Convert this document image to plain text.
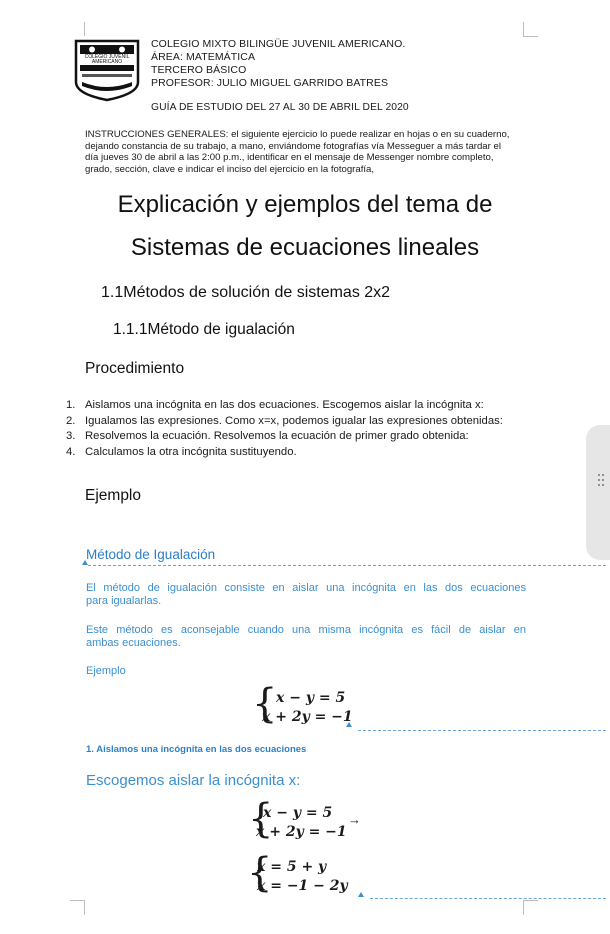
COLEGIO JUVENIL AMERICANO
COLEGIO MIXTO BILINGÜE JUVENIL AMERICANO.
ÁREA: MATEMÁTICA
TERCERO BÁSICO
PROFESOR: JULIO MIGUEL GARRIDO BATRES
GUÍA DE ESTUDIO DEL 27 AL 30 DE ABRIL DEL 2020
INSTRUCCIONES GENERALES: el siguiente ejercicio lo puede realizar en hojas o en su cuaderno,
dejando constancia de su trabajo, a mano, enviándome fotografías vía Messeguer a más tardar el
día jueves 30 de abril a las 2:00 p.m., identificar en el mensaje de Messenger nombre completo,
grado, sección, clave e indicar el inciso del ejercicio en la fotografía,
Explicación y ejemplos del tema de
Sistemas de ecuaciones lineales
1.1Métodos de solución de sistemas 2x2
1.1.1Método de igualación
Procedimiento
1. Aislamos una incógnita en las dos ecuaciones. Escogemos aislar la incógnita x:
2. Igualamos las expresiones. Como x=x, podemos igualar las expresiones obtenidas:
3. Resolvemos la ecuación. Resolvemos la ecuación de primer grado obtenida:
4. Calculamos la otra incógnita sustituyendo.
Ejemplo
Método de Igualación
El método de igualación consiste en aislar una incógnita en las dos ecuaciones
para igualarlas.
Este método es aconsejable cuando una misma incógnita es fácil de aislar en
ambas ecuaciones.
Ejemplo
{
x − y = 5
x + 2y = −1
1. Aislamos una incógnita en las dos ecuaciones
Escogemos aislar la incógnita x:
{
x − y = 5
x + 2y = −1
→
{
x = 5 + y
x = −1 − 2y
